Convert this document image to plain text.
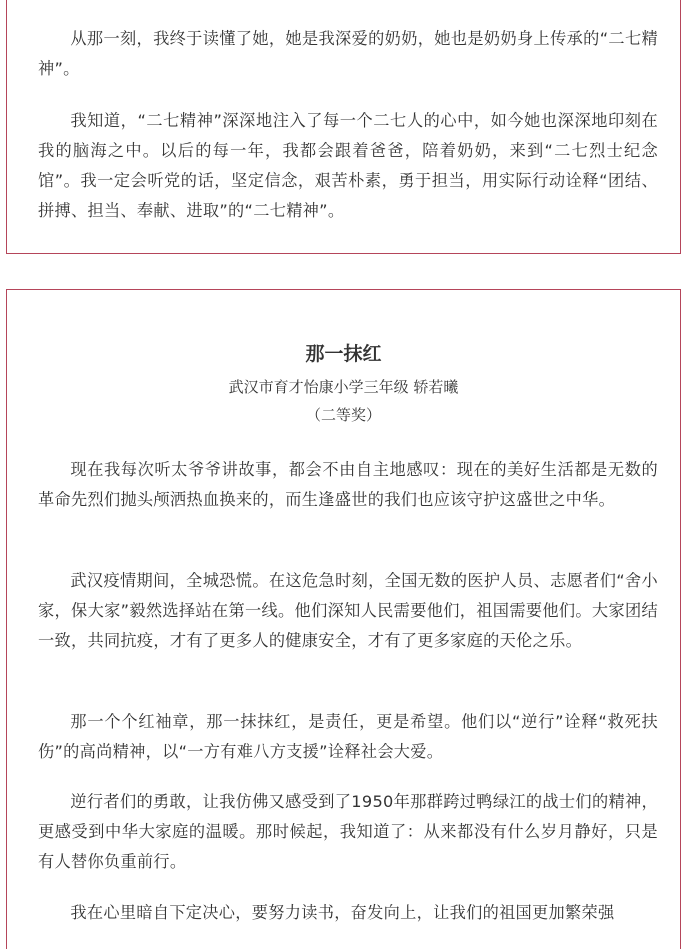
从那一刻，我终于读懂了她，她是我深爱的奶奶，她也是奶奶身上传承的“二七精神”。

我知道，“二七精神”深深地注入了每一个二七人的心中，如今她也深深地印刻在我的脑海之中。以后的每一年，我都会跟着爸爸，陪着奶奶，来到“二七烈士纪念馆”。我一定会听党的话，坚定信念，艰苦朴素，勇于担当，用实际行动诠释“团结、拼搏、担当、奉献、进取”的“二七精神”。

那一抹红

武汉市育才怡康小学三年级 轿若曦

（二等奖）

现在我每次听太爷爷讲故事，都会不由自主地感叹：现在的美好生活都是无数的革命先烈们抛头颅洒热血换来的，而生逢盛世的我们也应该守护这盛世之中华。

武汉疫情期间，全城恐慌。在这危急时刻，全国无数的医护人员、志愿者们“舍小家，保大家”毅然选择站在第一线。他们深知人民需要他们，祖国需要他们。大家团结一致，共同抗疫，才有了更多人的健康安全，才有了更多家庭的天伦之乐。

那一个个红袖章，那一抹抹红，是责任，更是希望。他们以“逆行”诠释“救死扶伤”的高尚精神，以“一方有难八方支援”诠释社会大爱。

逆行者们的勇敢，让我仿佛又感受到了1950年那群跨过鸭绿江的战士们的精神，更感受到中华大家庭的温暖。那时候起，我知道了：从来都没有什么岁月静好，只是有人替你负重前行。

我在心里暗自下定决心，要努力读书，奋发向上，让我们的祖国更加繁荣强
